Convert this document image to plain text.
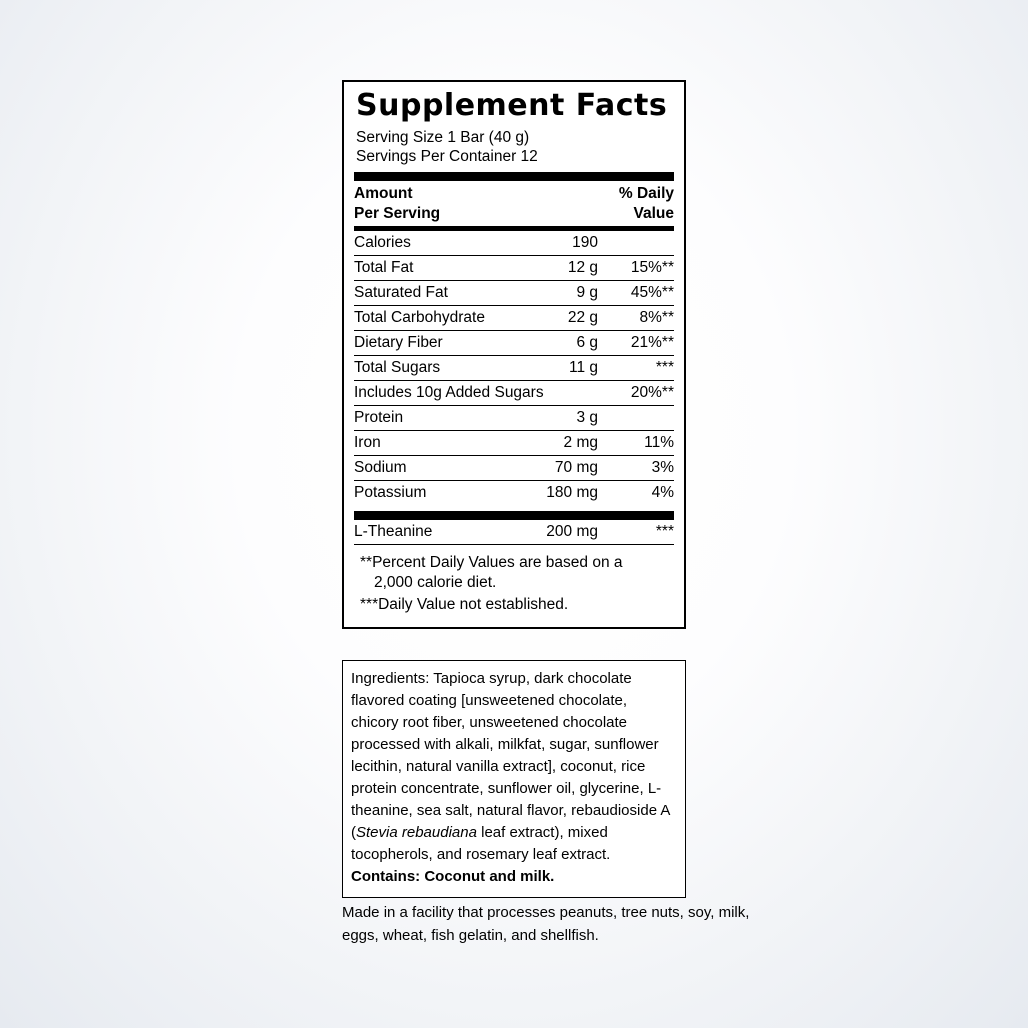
Supplement Facts
Serving Size 1 Bar (40 g)
Servings Per Container 12
Amount
Per Serving	% Daily
Value
Calories	190	
Total Fat	12 g	15%**
Saturated Fat	9 g	45%**
Total Carbohydrate	22 g	8%**
Dietary Fiber	6 g	21%**
Total Sugars	11 g	***
Includes 10g Added Sugars		20%**
Protein	3 g	
Iron	2 mg	11%
Sodium	70 mg	3%
Potassium	180 mg	4%
L-Theanine	200 mg	***
**Percent Daily Values are based on a
2,000 calorie diet.
***Daily Value not established.
Ingredients: Tapioca syrup, dark chocolate flavored coating [unsweetened chocolate, chicory root fiber, unsweetened chocolate processed with alkali, milkfat, sugar, sunflower lecithin, natural vanilla extract], coconut, rice protein concentrate, sunflower oil, glycerine, L-theanine, sea salt, natural flavor, rebaudioside A (Stevia rebaudiana leaf extract), mixed tocopherols, and rosemary leaf extract. Contains: Coconut and milk.
Made in a facility that processes peanuts, tree nuts, soy, milk, eggs, wheat, fish gelatin, and shellfish.
